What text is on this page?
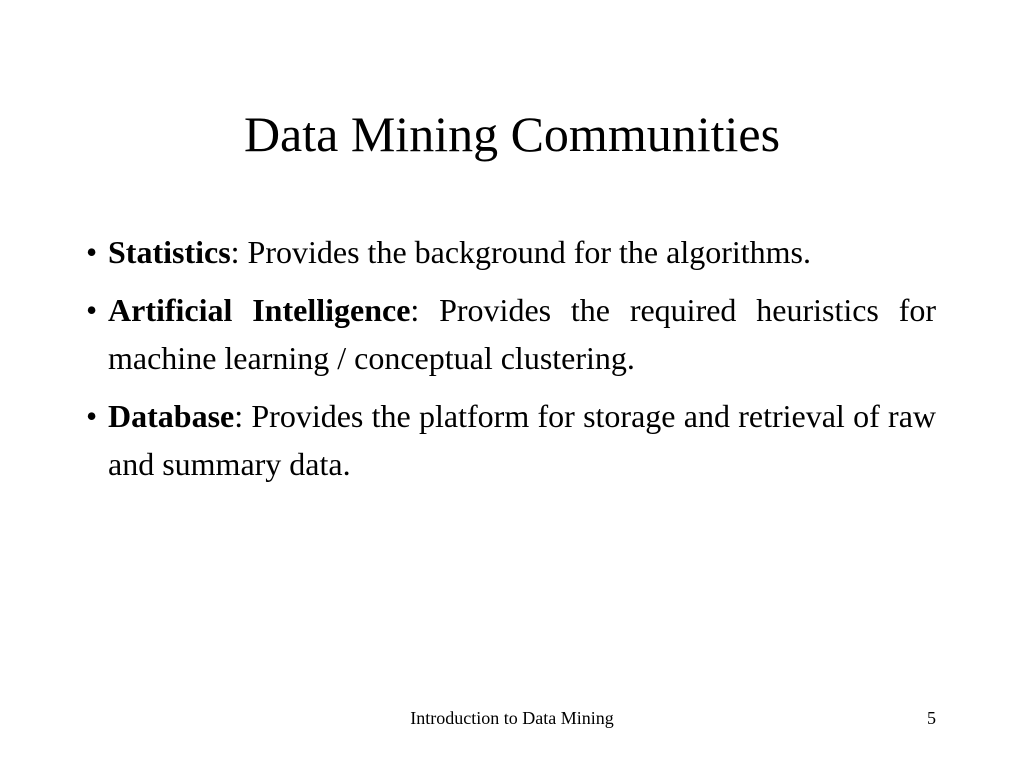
Data Mining Communities
• Statistics: Provides the background for the algorithms.
• Artificial Intelligence: Provides the required heuristics for machine learning / conceptual clustering.
• Database: Provides the platform for storage and retrieval of raw and summary data.
Introduction to Data Mining	5
